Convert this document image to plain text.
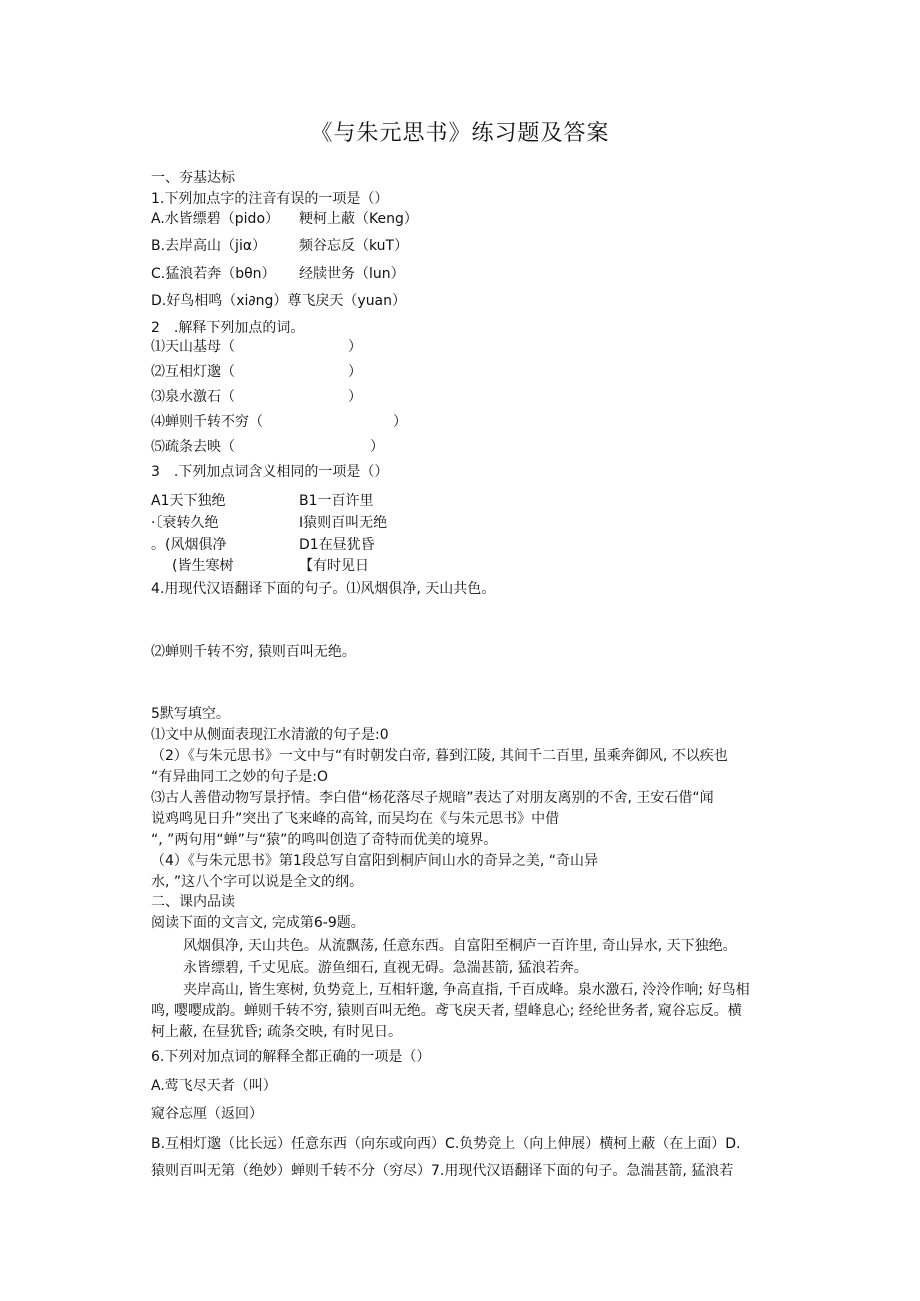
《与朱元思书》练习题及答案
一、夯基达标
1.下列加点字的注音有误的一项是（）
A.水皆缥碧（pido） 粳柯上蔽（Keng）
B.去岸高山（jiα） 频谷忘反（kuT）
C.猛浪若奔（bθn） 经牍世务（lun）
D.好鸟相鸣（xi∂ng）尊飞戾天（yuan）
2　.解释下列加点的词。
⑴天山基母（	）
⑵互相灯邈（	）
⑶泉水激石（	）
⑷蝉则千转不穷（	）
⑸疏条去映（	）
3　.下列加点词含义相同的一项是（）
A1天下独绝	B1一百许里
·〔衰转久绝	I猿则百叫无绝
。(风烟俱净	D1在昼犹昏
(皆生寒树	【有时见日
4.用现代汉语翻译下面的句子。⑴风烟俱净, 天山共色。
⑵蝉则千转不穷, 猿则百叫无绝。
5默写填空。
⑴文中从侧面表现江水清澈的句子是:0
（2）《与朱元思书》一文中与“有时朝发白帝, 暮到江陵, 其间千二百里, 虽乘奔御风, 不以疾也
“有异曲同工之妙的句子是:O
⑶古人善借动物写景抒情。李白借“杨花落尽子规暗”表达了对朋友离别的不舍, 王安石借“闻
说鸡鸣见日升”突出了飞来峰的高耸, 而吴均在《与朱元思书》中借
“, ”两句用“蝉”与“猿”的鸣叫创造了奇特而优美的境界。
（4）《与朱元思书》第1段总写自富阳到桐庐间山水的奇异之美, “奇山异
水, ”这八个字可以说是全文的纲。
二、课内品读
阅读下面的文言文, 完成第6-9题。
风烟俱净, 天山共色。从流飘荡, 任意东西。自富阳至桐庐一百许里, 奇山异水, 天下独绝。
永皆缥碧, 千丈见底。游鱼细石, 直视无碍。急湍甚箭, 猛浪若奔。
夹岸高山, 皆生寒树, 负势竞上, 互相轩邈, 争高直指, 千百成峰。泉水激石, 泠泠作响; 好鸟相
鸣, 嘤嘤成韵。蝉则千转不穷, 猿则百叫无绝。鸢飞戾天者, 望峰息心; 经纶世务者, 窥谷忘反。横
柯上蔽, 在昼犹昏; 疏条交映, 有时见日。
6.下列对加点词的解释全都正确的一项是（）
A.莺飞尽天者（叫）
窥谷忘厘（返回）
B.互相灯邈（比长远）任意东西（向东或向西）C.负势竞上（向上伸展）横柯上蔽（在上面）D.
猿则百叫无第（绝妙）蝉则千转不分（穷尽）7.用现代汉语翻译下面的句子。急湍甚箭, 猛浪若
